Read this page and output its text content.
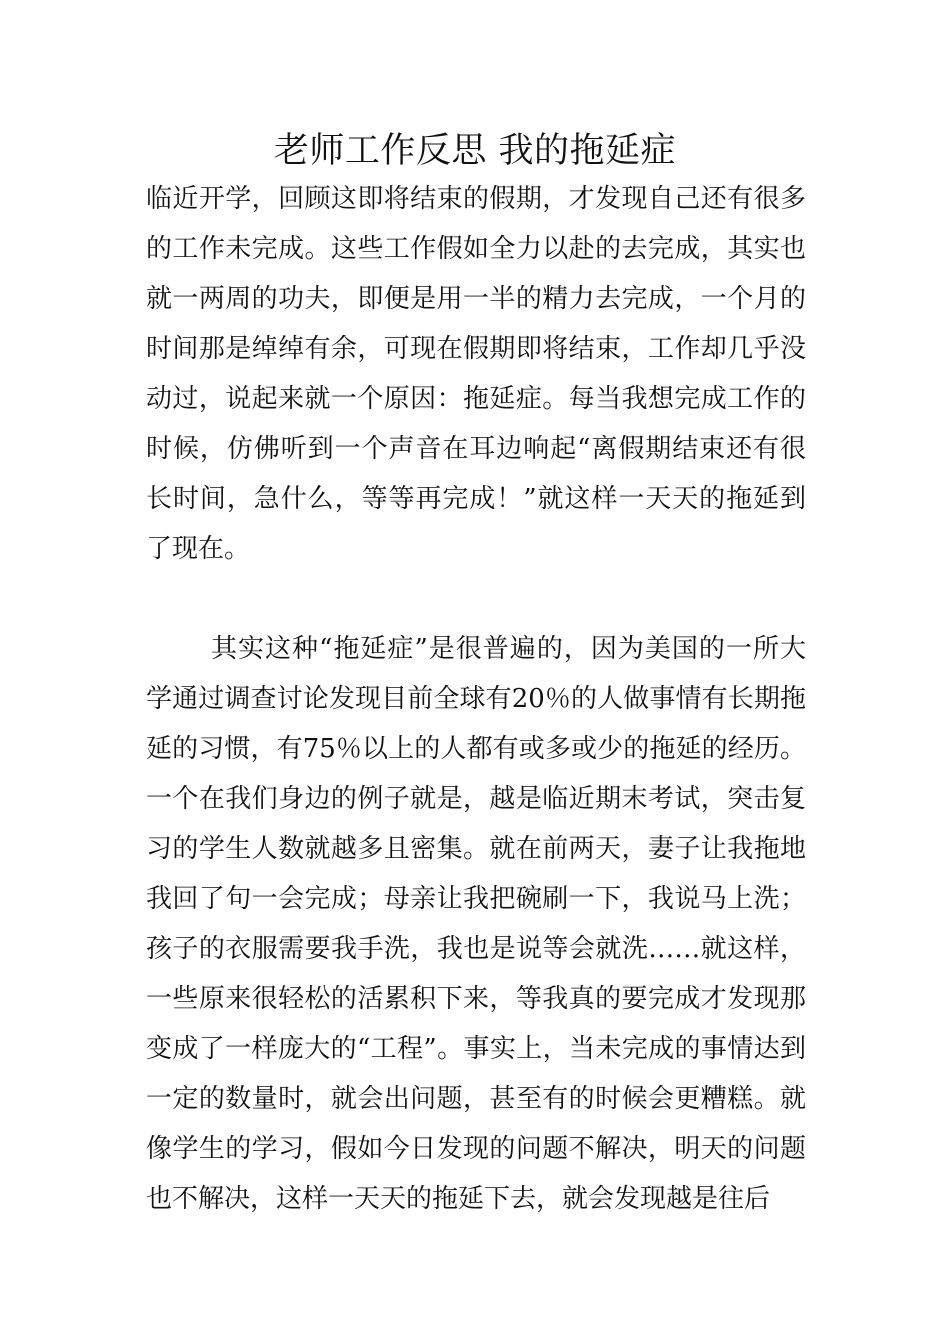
老师工作反思 我的拖延症

临近开学，回顾这即将结束的假期，才发现自己还有很多的工作未完成。这些工作假如全力以赴的去完成，其实也就一两周的功夫，即便是用一半的精力去完成，一个月的时间那是绰绰有余，可现在假期即将结束，工作却几乎没动过，说起来就一个原因：拖延症。每当我想完成工作的时候，仿佛听到一个声音在耳边响起“离假期结束还有很长时间，急什么，等等再完成！”就这样一天天的拖延到了现在。

其实这种“拖延症”是很普遍的，因为美国的一所大学通过调查讨论发现目前全球有20％的人做事情有长期拖延的习惯，有75％以上的人都有或多或少的拖延的经历。一个在我们身边的例子就是，越是临近期末考试，突击复习的学生人数就越多且密集。就在前两天，妻子让我拖地我回了句一会完成；母亲让我把碗刷一下，我说马上洗；孩子的衣服需要我手洗，我也是说等会就洗……就这样，一些原来很轻松的活累积下来，等我真的要完成才发现那变成了一样庞大的“工程”。事实上，当未完成的事情达到一定的数量时，就会出问题，甚至有的时候会更糟糕。就像学生的学习，假如今日发现的问题不解决，明天的问题也不解决，这样一天天的拖延下去，就会发现越是往后
